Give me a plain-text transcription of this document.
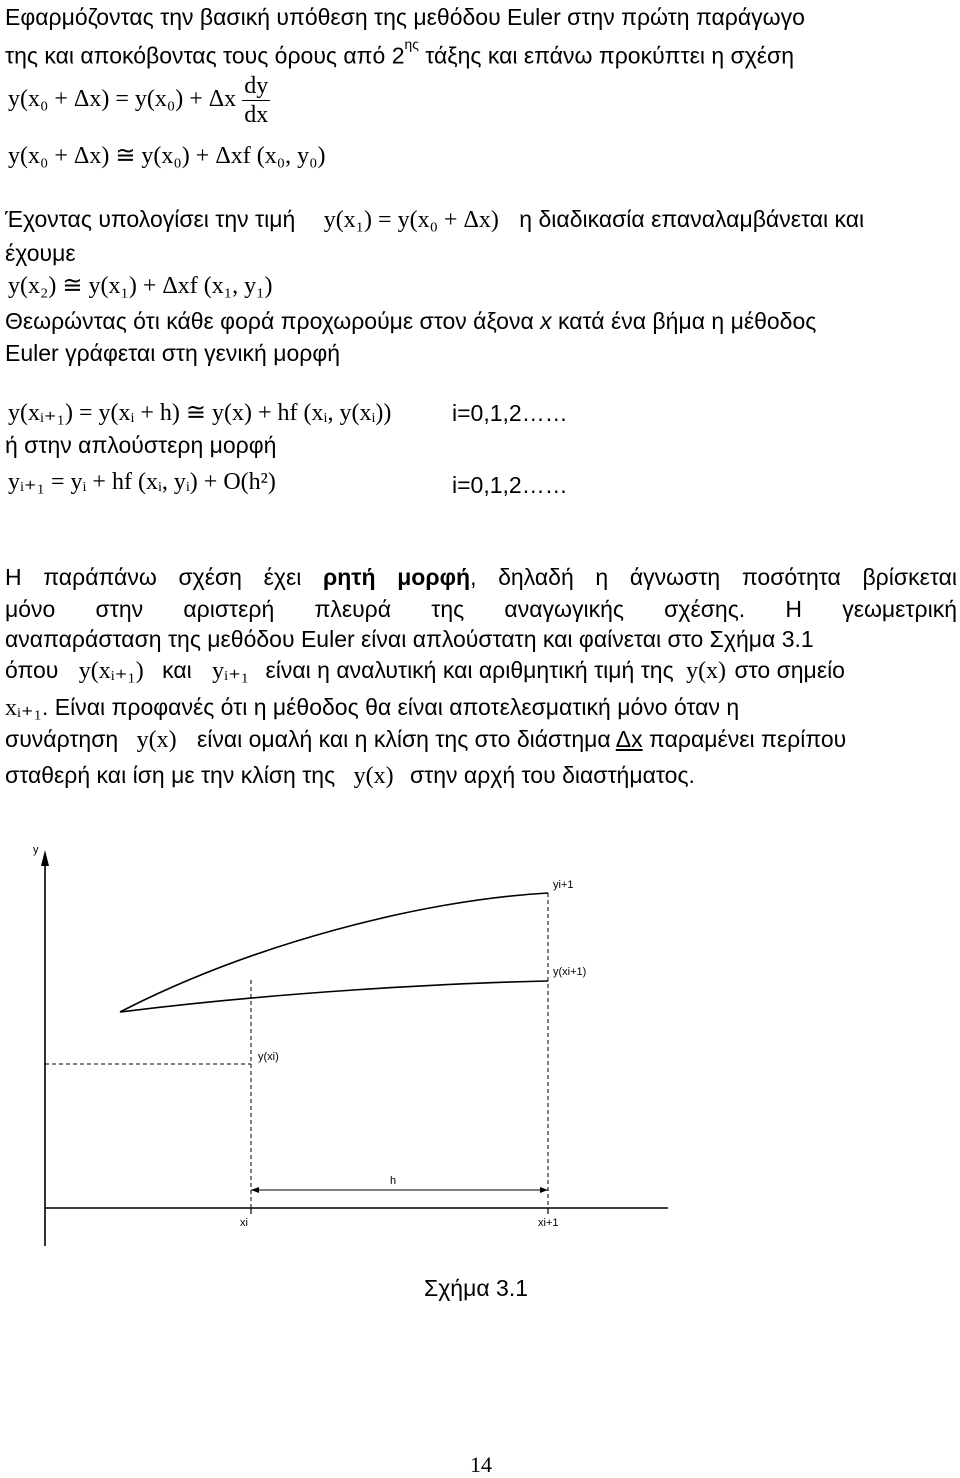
Εφαρμόζοντας την βασική υπόθεση της μεθόδου Euler στην πρώτη παράγωγο
της και αποκόβοντας τους όρους από $2^{\eta\varsigma}$ τάξης και επάνω προκύπτει η σχέση
y(x₀ + Δx) = y(x₀) + Δx $\frac{dy}{dx}$
y(x₀ + Δx) ≅ y(x₀) + Δxf (x₀, y₀)
Έχοντας υπολογίσει την τιμή y(x₁) = y(x₀ + Δx) η διαδικασία επαναλαμβάνεται και
έχουμε
y(x₂) ≅ y(x₁) + Δxf (x₁, y₁)
Θεωρώντας ότι κάθε φορά προχωρούμε στον άξονα x κατά ένα βήμα η μέθοδος
Euler γράφεται στη γενική μορφή
y(xᵢ₊₁) = y(xᵢ + h) ≅ y(x) + hf (xᵢ, y(xᵢ))	i=0,1,2……
ή στην απλούστερη μορφή
yᵢ₊₁ = yᵢ + hf (xᵢ, yᵢ) + O(h²)	i=0,1,2……
Η παράπάνω σχέση έχει ρητή μορφή, δηλαδή η άγνωστη ποσότητα βρίσκεται
μόνο στην αριστερή πλευρά της αναγωγικής σχέσης. Η γεωμετρική
αναπαράσταση της μεθόδου Euler είναι απλούστατη και φαίνεται στο Σχήμα 3.1
όπου y(xᵢ₊₁) και yᵢ₊₁ είναι η αναλυτική και αριθμητική τιμή της y(x) στο σημείο
xᵢ₊₁. Είναι προφανές ότι η μέθοδος θα είναι αποτελεσματική μόνο όταν η
συνάρτηση y(x) είναι ομαλή και η κλίση της στο διάστημα Δx παραμένει περίπου
σταθερή και ίση με την κλίση της y(x) στην αρχή του διαστήματος.
y
yi+1
y(xi+1)
y(xi)
h
xi	xi+1
Σχήμα 3.1
14
